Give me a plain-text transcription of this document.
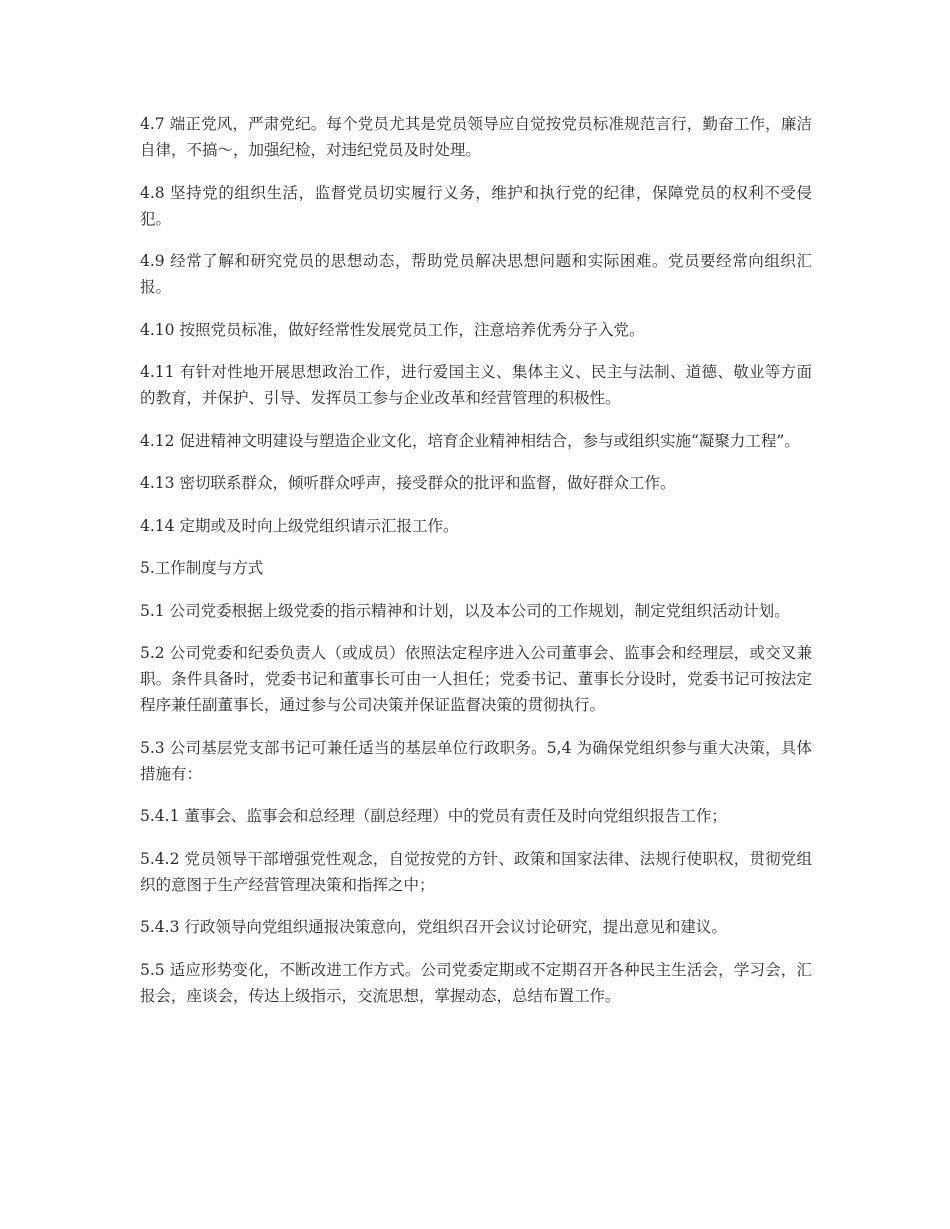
4.7 端正党风，严肃党纪。每个党员尤其是党员领导应自觉按党员标准规范言行，勤奋工作，廉洁自律，不搞～，加强纪检，对违纪党员及时处理。

4.8 坚持党的组织生活，监督党员切实履行义务，维护和执行党的纪律，保障党员的权利不受侵犯。

4.9 经常了解和研究党员的思想动态，帮助党员解决思想问题和实际困难。党员要经常向组织汇报。

4.10 按照党员标准，做好经常性发展党员工作，注意培养优秀分子入党。

4.11 有针对性地开展思想政治工作，进行爱国主义、集体主义、民主与法制、道德、敬业等方面的教育，并保护、引导、发挥员工参与企业改革和经营管理的积极性。

4.12 促进精神文明建设与塑造企业文化，培育企业精神相结合，参与或组织实施“凝聚力工程”。

4.13 密切联系群众，倾听群众呼声，接受群众的批评和监督，做好群众工作。

4.14 定期或及时向上级党组织请示汇报工作。

5.工作制度与方式

5.1 公司党委根据上级党委的指示精神和计划，以及本公司的工作规划，制定党组织活动计划。

5.2 公司党委和纪委负责人（或成员）依照法定程序进入公司董事会、监事会和经理层，或交叉兼职。条件具备时，党委书记和董事长可由一人担任；党委书记、董事长分设时，党委书记可按法定程序兼任副董事长，通过参与公司决策并保证监督决策的贯彻执行。

5.3 公司基层党支部书记可兼任适当的基层单位行政职务。5,4 为确保党组织参与重大决策，具体措施有：

5.4.1 董事会、监事会和总经理（副总经理）中的党员有责任及时向党组织报告工作；

5.4.2 党员领导干部增强党性观念，自觉按党的方针、政策和国家法律、法规行使职权，贯彻党组织的意图于生产经营管理决策和指挥之中；

5.4.3 行政领导向党组织通报决策意向，党组织召开会议讨论研究，提出意见和建议。

5.5 适应形势变化，不断改进工作方式。公司党委定期或不定期召开各种民主生活会，学习会，汇报会，座谈会，传达上级指示，交流思想，掌握动态，总结布置工作。
